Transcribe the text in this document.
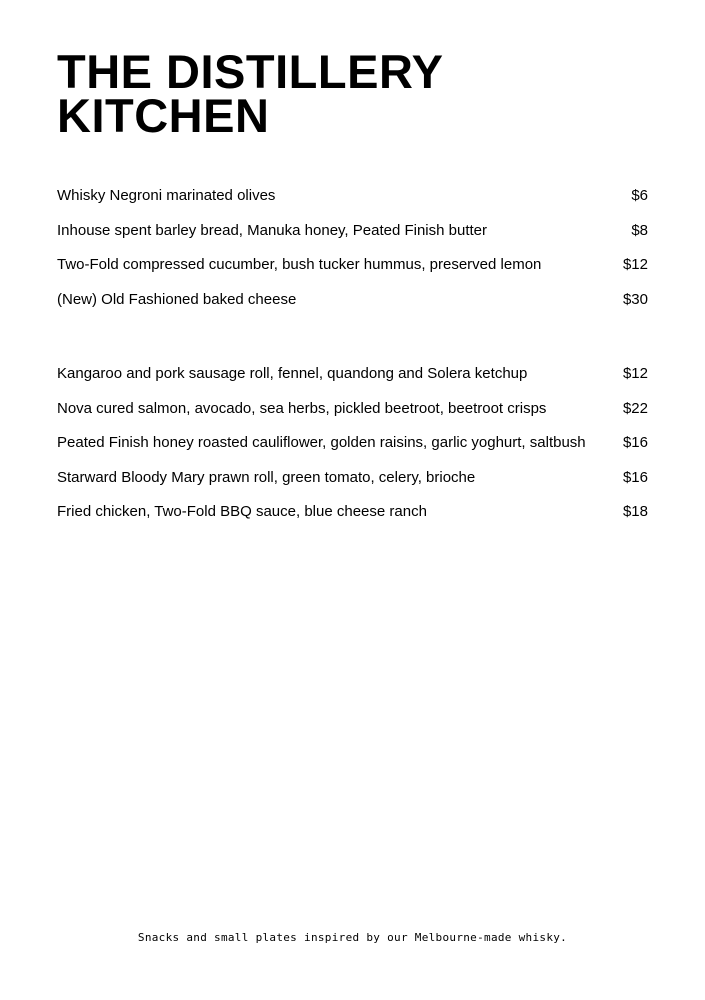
THE DISTILLERY
KITCHEN
Whisky Negroni marinated olives	$6
Inhouse spent barley bread, Manuka honey, Peated Finish butter	$8
Two-Fold compressed cucumber, bush tucker hummus, preserved lemon	$12
(New) Old Fashioned baked cheese	$30
Kangaroo and pork sausage roll, fennel, quandong and Solera ketchup	$12
Nova cured salmon, avocado, sea herbs, pickled beetroot, beetroot crisps	$22
Peated Finish honey roasted cauliflower, golden raisins, garlic yoghurt, saltbush $16
Starward Bloody Mary prawn roll, green tomato, celery, brioche	$16
Fried chicken, Two-Fold BBQ sauce, blue cheese ranch	$18
Snacks and small plates inspired by our Melbourne-made whisky.
